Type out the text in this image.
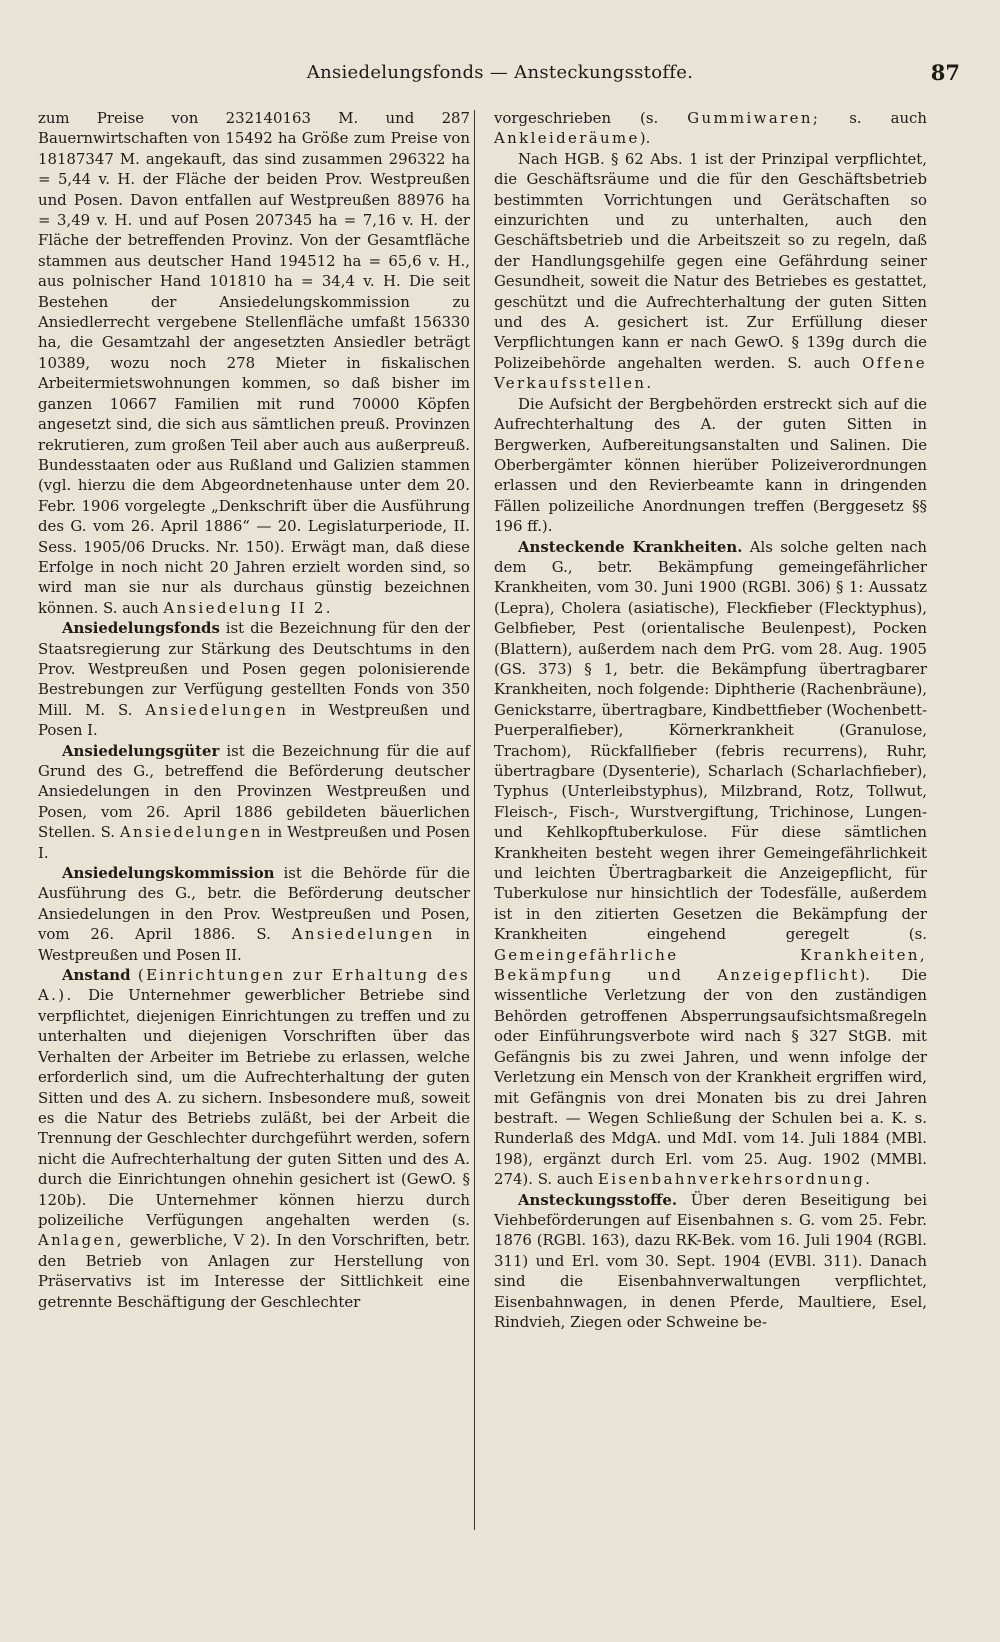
Ansiedelungsfonds — Ansteckungsstoffe.	87

zum Preise von 232140163 M. und 287 Bauernwirtschaften von 15492 ha Größe zum Preise von 18187347 M. angekauft, das sind zusammen 296322 ha = 5,44 v. H. der Fläche der beiden Prov. Westpreußen und Posen. Davon entfallen auf Westpreußen 88976 ha = 3,49 v. H. und auf Posen 207345 ha = 7,16 v. H. der Fläche der betreffenden Provinz. Von der Gesamtfläche stammen aus deutscher Hand 194512 ha = 65,6 v. H., aus polnischer Hand 101810 ha = 34,4 v. H. Die seit Bestehen der Ansiedelungskommission zu Ansiedlerrecht vergebene Stellenfläche umfaßt 156330 ha, die Gesamtzahl der angesetzten Ansiedler beträgt 10389, wozu noch 278 Mieter in fiskalischen Arbeitermietswohnungen kommen, so daß bisher im ganzen 10667 Familien mit rund 70000 Köpfen angesetzt sind, die sich aus sämtlichen preuß. Provinzen rekrutieren, zum großen Teil aber auch aus außerpreuß. Bundesstaaten oder aus Rußland und Galizien stammen (vgl. hierzu die dem Abgeordnetenhause unter dem 20. Febr. 1906 vorgelegte „Denkschrift über die Ausführung des G. vom 26. April 1886“ — 20. Legislaturperiode, II. Sess. 1905/06 Drucks. Nr. 150). Erwägt man, daß diese Erfolge in noch nicht 20 Jahren erzielt worden sind, so wird man sie nur als durchaus günstig bezeichnen können. S. auch Ansiedelung II 2.

Ansiedelungsfonds ist die Bezeichnung für den der Staatsregierung zur Stärkung des Deutschtums in den Prov. Westpreußen und Posen gegen polonisierende Bestrebungen zur Verfügung gestellten Fonds von 350 Mill. M. S. Ansiedelungen in Westpreußen und Posen I.

Ansiedelungsgüter ist die Bezeichnung für die auf Grund des G., betreffend die Beförderung deutscher Ansiedelungen in den Provinzen Westpreußen und Posen, vom 26. April 1886 gebildeten bäuerlichen Stellen. S. Ansiedelungen in Westpreußen und Posen I.

Ansiedelungskommission ist die Behörde für die Ausführung des G., betr. die Beförderung deutscher Ansiedelungen in den Prov. Westpreußen und Posen, vom 26. April 1886. S. Ansiedelungen in Westpreußen und Posen II.

Anstand (Einrichtungen zur Erhaltung des A.). Die Unternehmer gewerblicher Betriebe sind verpflichtet, diejenigen Einrichtungen zu treffen und zu unterhalten und diejenigen Vorschriften über das Verhalten der Arbeiter im Betriebe zu erlassen, welche erforderlich sind, um die Aufrechterhaltung der guten Sitten und des A. zu sichern. Insbesondere muß, soweit es die Natur des Betriebs zuläßt, bei der Arbeit die Trennung der Geschlechter durchgeführt werden, sofern nicht die Aufrechterhaltung der guten Sitten und des A. durch die Einrichtungen ohnehin gesichert ist (GewO. § 120b). Die Unternehmer können hierzu durch polizeiliche Verfügungen angehalten werden (s. Anlagen, gewerbliche, V 2). In den Vorschriften, betr. den Betrieb von Anlagen zur Herstellung von Präservativs ist im Interesse der Sittlichkeit eine getrennte Beschäftigung der Geschlechter

vorgeschrieben (s. Gummiwaren; s. auch Ankleideräume).

Nach HGB. § 62 Abs. 1 ist der Prinzipal verpflichtet, die Geschäftsräume und die für den Geschäftsbetrieb bestimmten Vorrichtungen und Gerätschaften so einzurichten und zu unterhalten, auch den Geschäftsbetrieb und die Arbeitszeit so zu regeln, daß der Handlungsgehilfe gegen eine Gefährdung seiner Gesundheit, soweit die Natur des Betriebes es gestattet, geschützt und die Aufrechterhaltung der guten Sitten und des A. gesichert ist. Zur Erfüllung dieser Verpflichtungen kann er nach GewO. § 139g durch die Polizeibehörde angehalten werden. S. auch Offene Verkaufsstellen.

Die Aufsicht der Bergbehörden erstreckt sich auf die Aufrechterhaltung des A. der guten Sitten in Bergwerken, Aufbereitungsanstalten und Salinen. Die Oberbergämter können hierüber Polizeiverordnungen erlassen und den Revierbeamte kann in dringenden Fällen polizeiliche Anordnungen treffen (Berggesetz §§ 196 ff.).

Ansteckende Krankheiten. Als solche gelten nach dem G., betr. Bekämpfung gemeingefährlicher Krankheiten, vom 30. Juni 1900 (RGBl. 306) § 1: Aussatz (Lepra), Cholera (asiatische), Fleckfieber (Flecktyphus), Gelbfieber, Pest (orientalische Beulenpest), Pocken (Blattern), außerdem nach dem PrG. vom 28. Aug. 1905 (GS. 373) § 1, betr. die Bekämpfung übertragbarer Krankheiten, noch folgende: Diphtherie (Rachenbräune), Genickstarre, übertragbare, Kindbettfieber (Wochenbett-Puerperalfieber), Körnerkrankheit (Granulose, Trachom), Rückfallfieber (febris recurrens), Ruhr, übertragbare (Dysenterie), Scharlach (Scharlachfieber), Typhus (Unterleibstyphus), Milzbrand, Rotz, Tollwut, Fleisch-, Fisch-, Wurstvergiftung, Trichinose, Lungen- und Kehlkopftuberkulose. Für diese sämtlichen Krankheiten besteht wegen ihrer Gemeingefährlichkeit und leichten Übertragbarkeit die Anzeigepflicht, für Tuberkulose nur hinsichtlich der Todesfälle, außerdem ist in den zitierten Gesetzen die Bekämpfung der Krankheiten eingehend geregelt (s. Gemeingefährliche Krankheiten, Bekämpfung und Anzeigepflicht). Die wissentliche Verletzung der von den zuständigen Behörden getroffenen Absperrungsaufsichtsmaßregeln oder Einführungsverbote wird nach § 327 StGB. mit Gefängnis bis zu zwei Jahren, und wenn infolge der Verletzung ein Mensch von der Krankheit ergriffen wird, mit Gefängnis von drei Monaten bis zu drei Jahren bestraft. — Wegen Schließung der Schulen bei a. K. s. Runderlaß des MdgA. und MdI. vom 14. Juli 1884 (MBl. 198), ergänzt durch Erl. vom 25. Aug. 1902 (MMBl. 274). S. auch Eisenbahnverkehrsordnung.

Ansteckungsstoffe. Über deren Beseitigung bei Viehbeförderungen auf Eisenbahnen s. G. vom 25. Febr. 1876 (RGBl. 163), dazu RK-Bek. vom 16. Juli 1904 (RGBl. 311) und Erl. vom 30. Sept. 1904 (EVBl. 311). Danach sind die Eisenbahnverwaltungen verpflichtet, Eisenbahnwagen, in denen Pferde, Maultiere, Esel, Rindvieh, Ziegen oder Schweine be-
